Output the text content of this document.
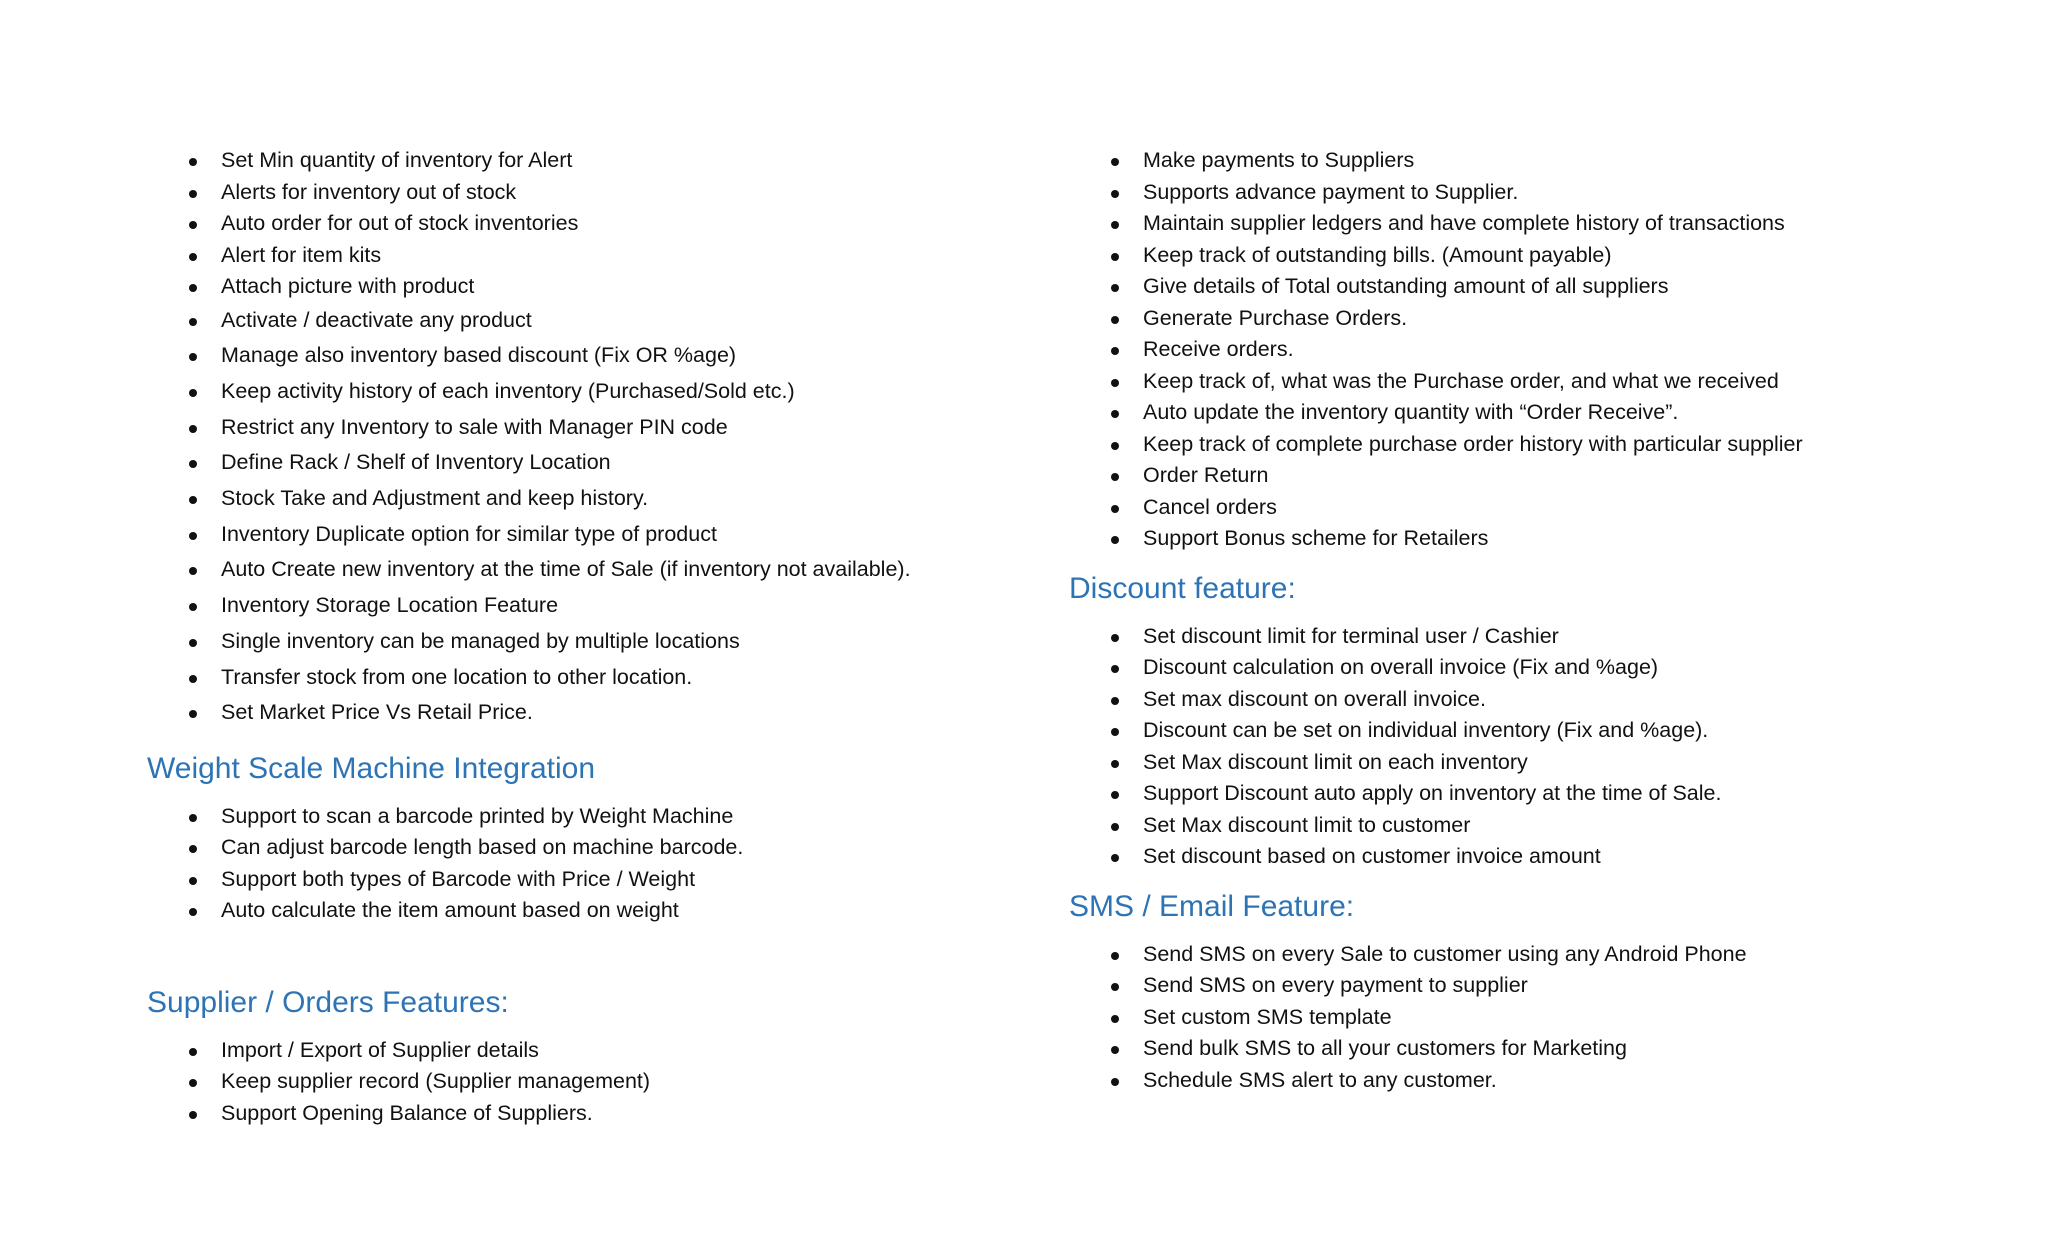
Set Min quantity of inventory for Alert
Alerts for inventory out of stock
Auto order for out of stock inventories
Alert for item kits
Attach picture with product
Activate / deactivate any product
Manage also inventory based discount (Fix OR %age)
Keep activity history of each inventory (Purchased/Sold etc.)
Restrict any Inventory to sale with Manager PIN code
Define Rack / Shelf of Inventory Location
Stock Take and Adjustment and keep history.
Inventory Duplicate option for similar type of product
Auto Create new inventory at the time of Sale (if inventory not available).
Inventory Storage Location Feature
Single inventory can be managed by multiple locations
Transfer stock from one location to other location.
Set Market Price Vs Retail Price.
Weight Scale Machine Integration
Support to scan a barcode printed by Weight Machine
Can adjust barcode length based on machine barcode.
Support both types of Barcode with Price / Weight
Auto calculate the item amount based on weight
Supplier / Orders Features:
Import / Export of Supplier details
Keep supplier record (Supplier management)
Support Opening Balance of Suppliers.
Make payments to Suppliers
Supports advance payment to Supplier.
Maintain supplier ledgers and have complete history of transactions
Keep track of outstanding bills. (Amount payable)
Give details of Total outstanding amount of all suppliers
Generate Purchase Orders.
Receive orders.
Keep track of, what was the Purchase order, and what we received
Auto update the inventory quantity with “Order Receive”.
Keep track of complete purchase order history with particular supplier
Order Return
Cancel orders
Support Bonus scheme for Retailers
Discount feature:
Set discount limit for terminal user / Cashier
Discount calculation on overall invoice (Fix and %age)
Set max discount on overall invoice.
Discount can be set on individual inventory (Fix and %age).
Set Max discount limit on each inventory
Support Discount auto apply on inventory at the time of Sale.
Set Max discount limit to customer
Set discount based on customer invoice amount
SMS / Email Feature:
Send SMS on every Sale to customer using any Android Phone
Send SMS on every payment to supplier
Set custom SMS template
Send bulk SMS to all your customers for Marketing
Schedule SMS alert to any customer.
